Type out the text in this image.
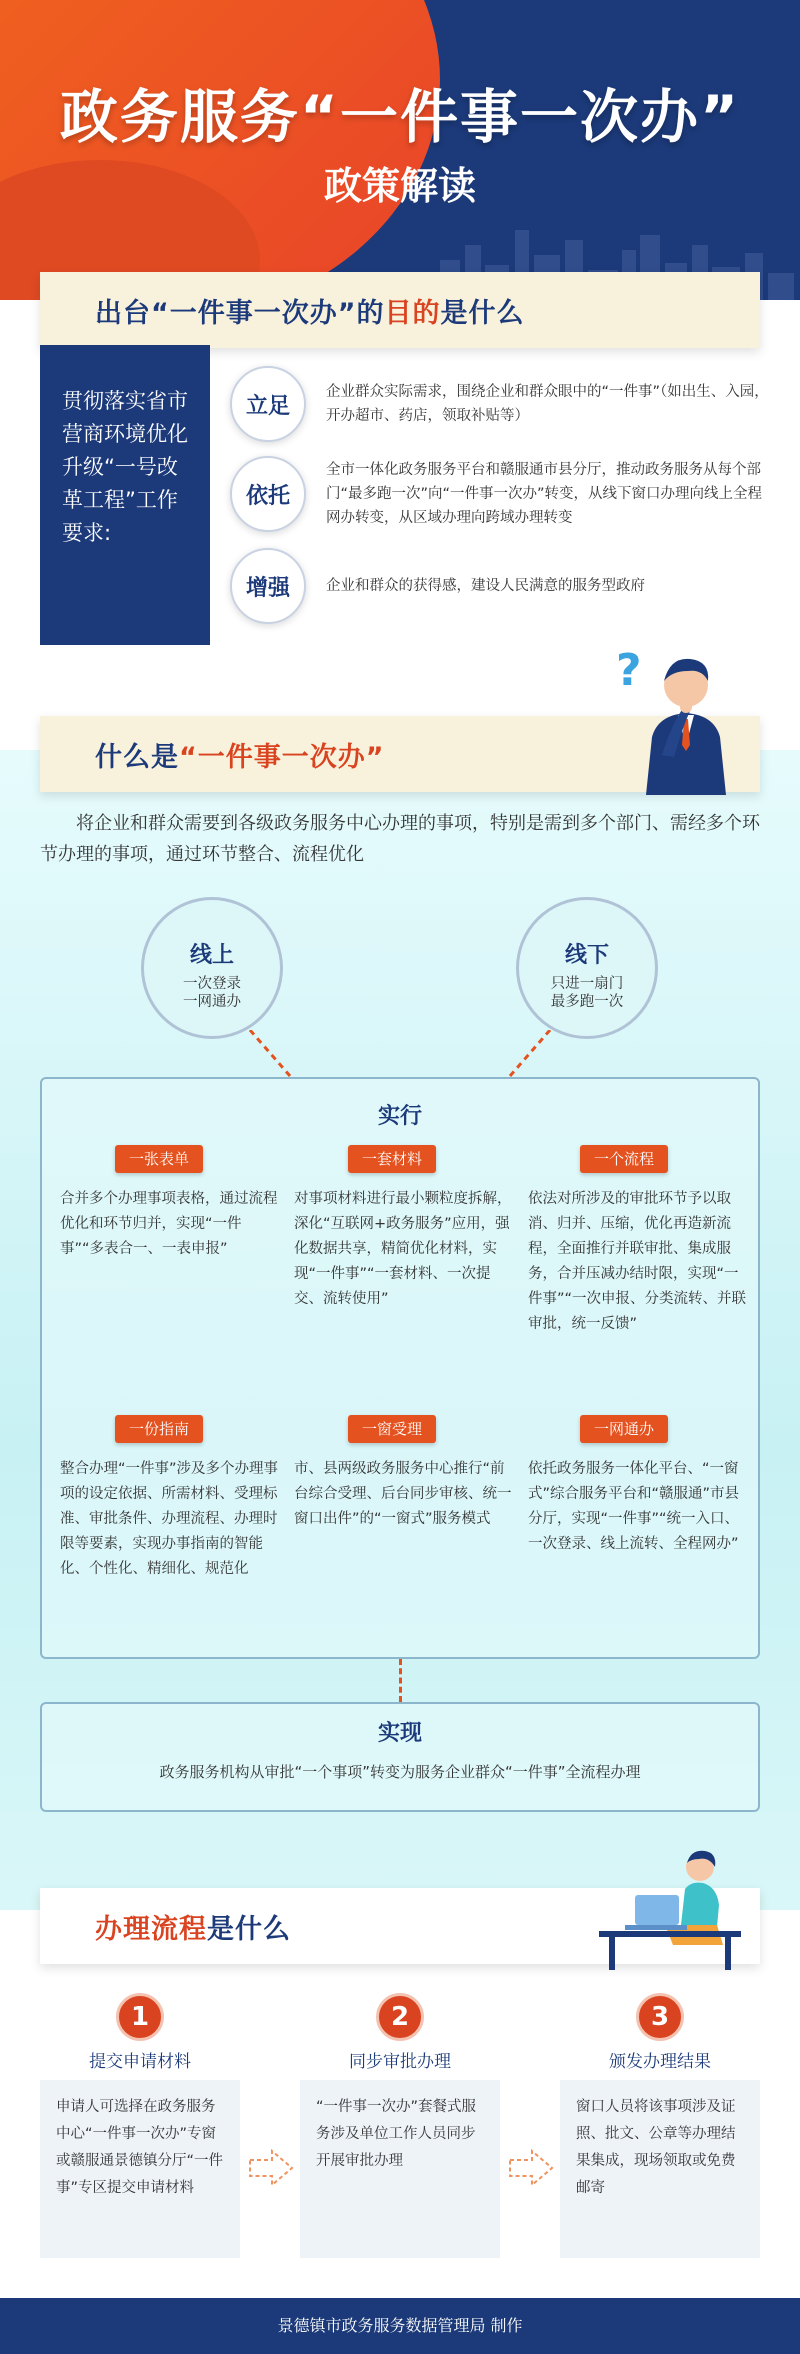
政务服务“一件事一次办”
政策解读
出台“一件事一次办”的 目的 是什么
贯彻落实省市营商环境优化升级“一号改革工程”工作要求:
立足
企业群众实际需求，围绕企业和群众眼中的“一件事”（如出生、入园，开办超市、药店，领取补贴等）
依托
全市一体化政务服务平台和赣服通市县分厅，推动政务服务从每个部门“最多跑一次”向“一件事一次办”转变，从线下窗口办理向线上全程网办转变，从区域办理向跨域办理转变
增强	企业和群众的获得感，建设人民满意的服务型政府
什么是 “一件事一次办”
?
将企业和群众需要到各级政务服务中心办理的事项，特别是需到多个部门、需经多个环节办理的事项，通过环节整合、流程优化
线上
一次登录
一网通办
线下
只进一扇门
最多跑一次
实行
一张表单	一套材料	一个流程
合并多个办理事项表格，通过流程优化和环节归并，实现“一件事”“多表合一、一表申报”
对事项材料进行最小颗粒度拆解，深化“互联网+政务服务”应用，强化数据共享，精简优化材料，实现“一件事”“一套材料、一次提交、流转使用”
依法对所涉及的审批环节予以取消、归并、压缩，优化再造新流程，全面推行并联审批、集成服务，合并压减办结时限，实现“一件事”“一次申报、分类流转、并联审批，统一反馈”
一份指南	一窗受理	一网通办
整合办理“一件事”涉及多个办理事项的设定依据、所需材料、受理标准、审批条件、办理流程、办理时限等要素，实现办事指南的智能化、个性化、精细化、规范化
市、县两级政务服务中心推行“前台综合受理、后台同步审核、统一窗口出件”的“一窗式”服务模式
依托政务服务一体化平台、“一窗式”综合服务平台和“赣服通”市县分厅，实现“一件事”“统一入口、一次登录、线上流转、全程网办”
实现
政务服务机构从审批“一个事项”转变为服务企业群众“一件事”全流程办理
办理流程 是什么
1	2	3
提交申请材料	同步审批办理	颁发办理结果
申请人可选择在政务服务中心“一件事一次办”专窗或赣服通景德镇分厅“一件事”专区提交申请材料
“一件事一次办”套餐式服务涉及单位工作人员同步开展审批办理
窗口人员将该事项涉及证照、批文、公章等办理结果集成，现场领取或免费邮寄
景德镇市政务服务数据管理局 制作
